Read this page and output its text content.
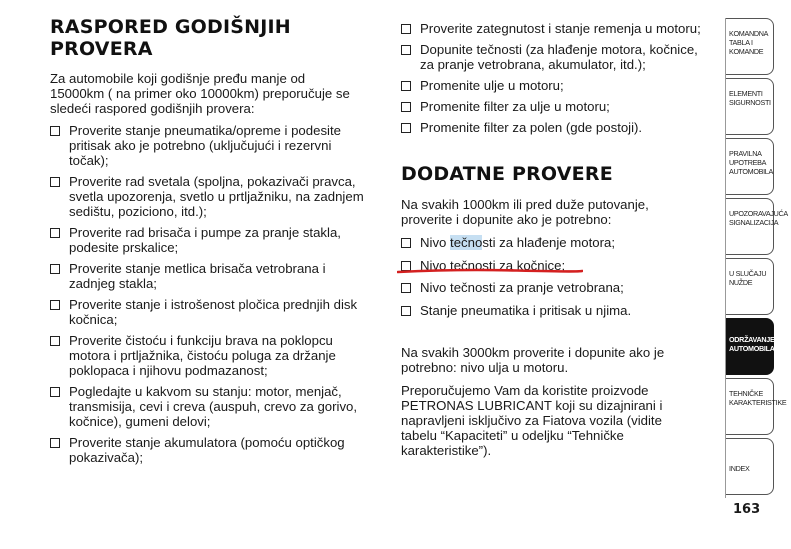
RASPORED GODIŠNJIH
PROVERA

Za automobile koji godišnje pređu manje od 15000km ( na primer oko 10000km) preporučuje se sledeći raspored godišnjih provera:

Proverite stanje pneumatika/opreme i podesite pritisak ako je potrebno (uključujući i rezervni točak);
Proverite rad svetala (spoljna, pokazivači pravca, svetla upozorenja, svetlo u prtljažniku, na zadnjem sedištu, poziciono, itd.);
Proverite rad brisača i pumpe za pranje stakla, podesite prskalice;
Proverite stanje metlica brisača vetrobrana i zadnjeg stakla;
Proverite stanje i istrošenost pločica prednjih disk kočnica;
Proverite čistoću i funkciju brava na poklopcu motora i prtljažnika, čistoću poluga za držanje poklopaca i njihovu podmazanost;
Pogledajte u kakvom su stanju: motor, menjač, transmisija, cevi i creva (auspuh, crevo za gorivo, kočnice), gumeni delovi;
Proverite stanje akumulatora (pomoću optičkog pokazivača);
Proverite zategnutost i stanje remenja u motoru;
Dopunite tečnosti (za hlađenje motora, kočnice, za pranje vetrobrana, akumulator, itd.);
Promenite ulje u motoru;
Promenite filter za ulje u motoru;
Promenite filter za polen (gde postoji).
DODATNE PROVERE

Na svakih 1000km ili pred duže putovanje, proverite i dopunite ako je potrebno:

Nivo tečnosti za hlađenje motora;
Nivo tečnosti za kočnice;
Nivo tečnosti za pranje vetrobrana;
Stanje pneumatika i pritisak u njima.

Na svakih 3000km proverite i dopunite ako je potrebno: nivo ulja u motoru.

Preporučujemo Vam da koristite proizvode PETRONAS LUBRICANT koji su dizajnirani i napravljeni isključivo za Fiatova vozila (vidite tabelu “Kapaciteti” u odeljku “Tehničke karakteristike”).

KOMANDNA TABLA I KOMANDE
ELEMENTI SIGURNOSTI
PRAVILNA UPOTREBA AUTOMOBILA
UPOZORAVAJUĆA SIGNALIZACIJA
U SLUČAJU NUŽDE
ODRŽAVANJE AUTOMOBILA
TEHNIČKE KARAKTERISTIKE
INDEX
163
